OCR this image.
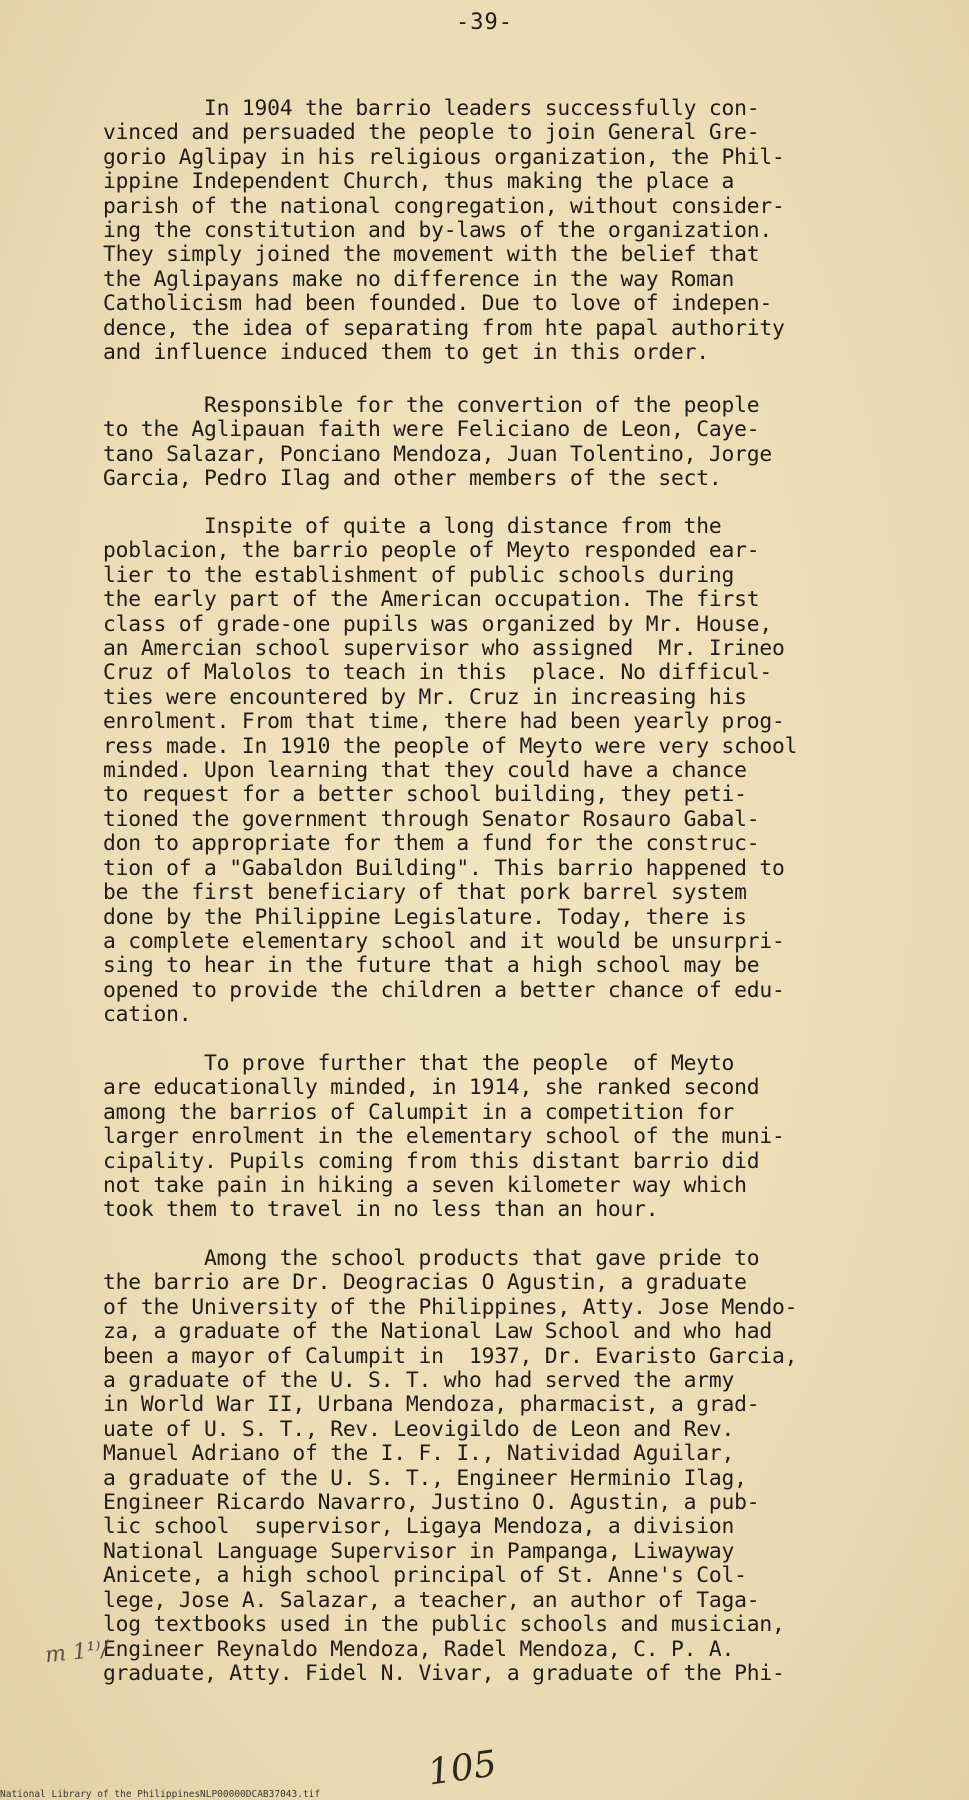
-39-
In 1904 the barrio leaders successfully con-
vinced and persuaded the people to join General Gre-
gorio Aglipay in his religious organization, the Phil-
ippine Independent Church, thus making the place a
parish of the national congregation, without consider-
ing the constitution and by-laws of the organization.
They simply joined the movement with the belief that
the Aglipayans make no difference in the way Roman
Catholicism had been founded. Due to love of indepen-
dence, the idea of separating from hte papal authority
and influence induced them to get in this order.
Responsible for the convertion of the people
to the Aglipauan faith were Feliciano de Leon, Caye-
tano Salazar, Ponciano Mendoza, Juan Tolentino, Jorge
Garcia, Pedro Ilag and other members of the sect.
Inspite of quite a long distance from the
poblacion, the barrio people of Meyto responded ear-
lier to the establishment of public schools during
the early part of the American occupation. The first
class of grade-one pupils was organized by Mr. House,
an Amercian school supervisor who assigned  Mr. Irineo
Cruz of Malolos to teach in this  place. No difficul-
ties were encountered by Mr. Cruz in increasing his
enrolment. From that time, there had been yearly prog-
ress made. In 1910 the people of Meyto were very school
minded. Upon learning that they could have a chance
to request for a better school building, they peti-
tioned the government through Senator Rosauro Gabal-
don to appropriate for them a fund for the construc-
tion of a "Gabaldon Building". This barrio happened to
be the first beneficiary of that pork barrel system
done by the Philippine Legislature. Today, there is
a complete elementary school and it would be unsurpri-
sing to hear in the future that a high school may be
opened to provide the children a better chance of edu-
cation.
To prove further that the people  of Meyto
are educationally minded, in 1914, she ranked second
among the barrios of Calumpit in a competition for
larger enrolment in the elementary school of the muni-
cipality. Pupils coming from this distant barrio did
not take pain in hiking a seven kilometer way which
took them to travel in no less than an hour.
Among the school products that gave pride to
the barrio are Dr. Deogracias O Agustin, a graduate
of the University of the Philippines, Atty. Jose Mendo-
za, a graduate of the National Law School and who had
been a mayor of Calumpit in  1937, Dr. Evaristo Garcia,
a graduate of the U. S. T. who had served the army
in World War II, Urbana Mendoza, pharmacist, a grad-
uate of U. S. T., Rev. Leovigildo de Leon and Rev.
Manuel Adriano of the I. F. I., Natividad Aguilar,
a graduate of the U. S. T., Engineer Herminio Ilag,
Engineer Ricardo Navarro, Justino O. Agustin, a pub-
lic school  supervisor, Ligaya Mendoza, a division
National Language Supervisor in Pampanga, Liwayway
Anicete, a high school principal of St. Anne's Col-
lege, Jose A. Salazar, a teacher, an author of Taga-
log textbooks used in the public schools and musician,
Engineer Reynaldo Mendoza, Radel Mendoza, C. P. A.
graduate, Atty. Fidel N. Vivar, a graduate of the Phi-
m 1¹⁾/
105
National Library of the Philippines NLP00000DCAB37043.tif
